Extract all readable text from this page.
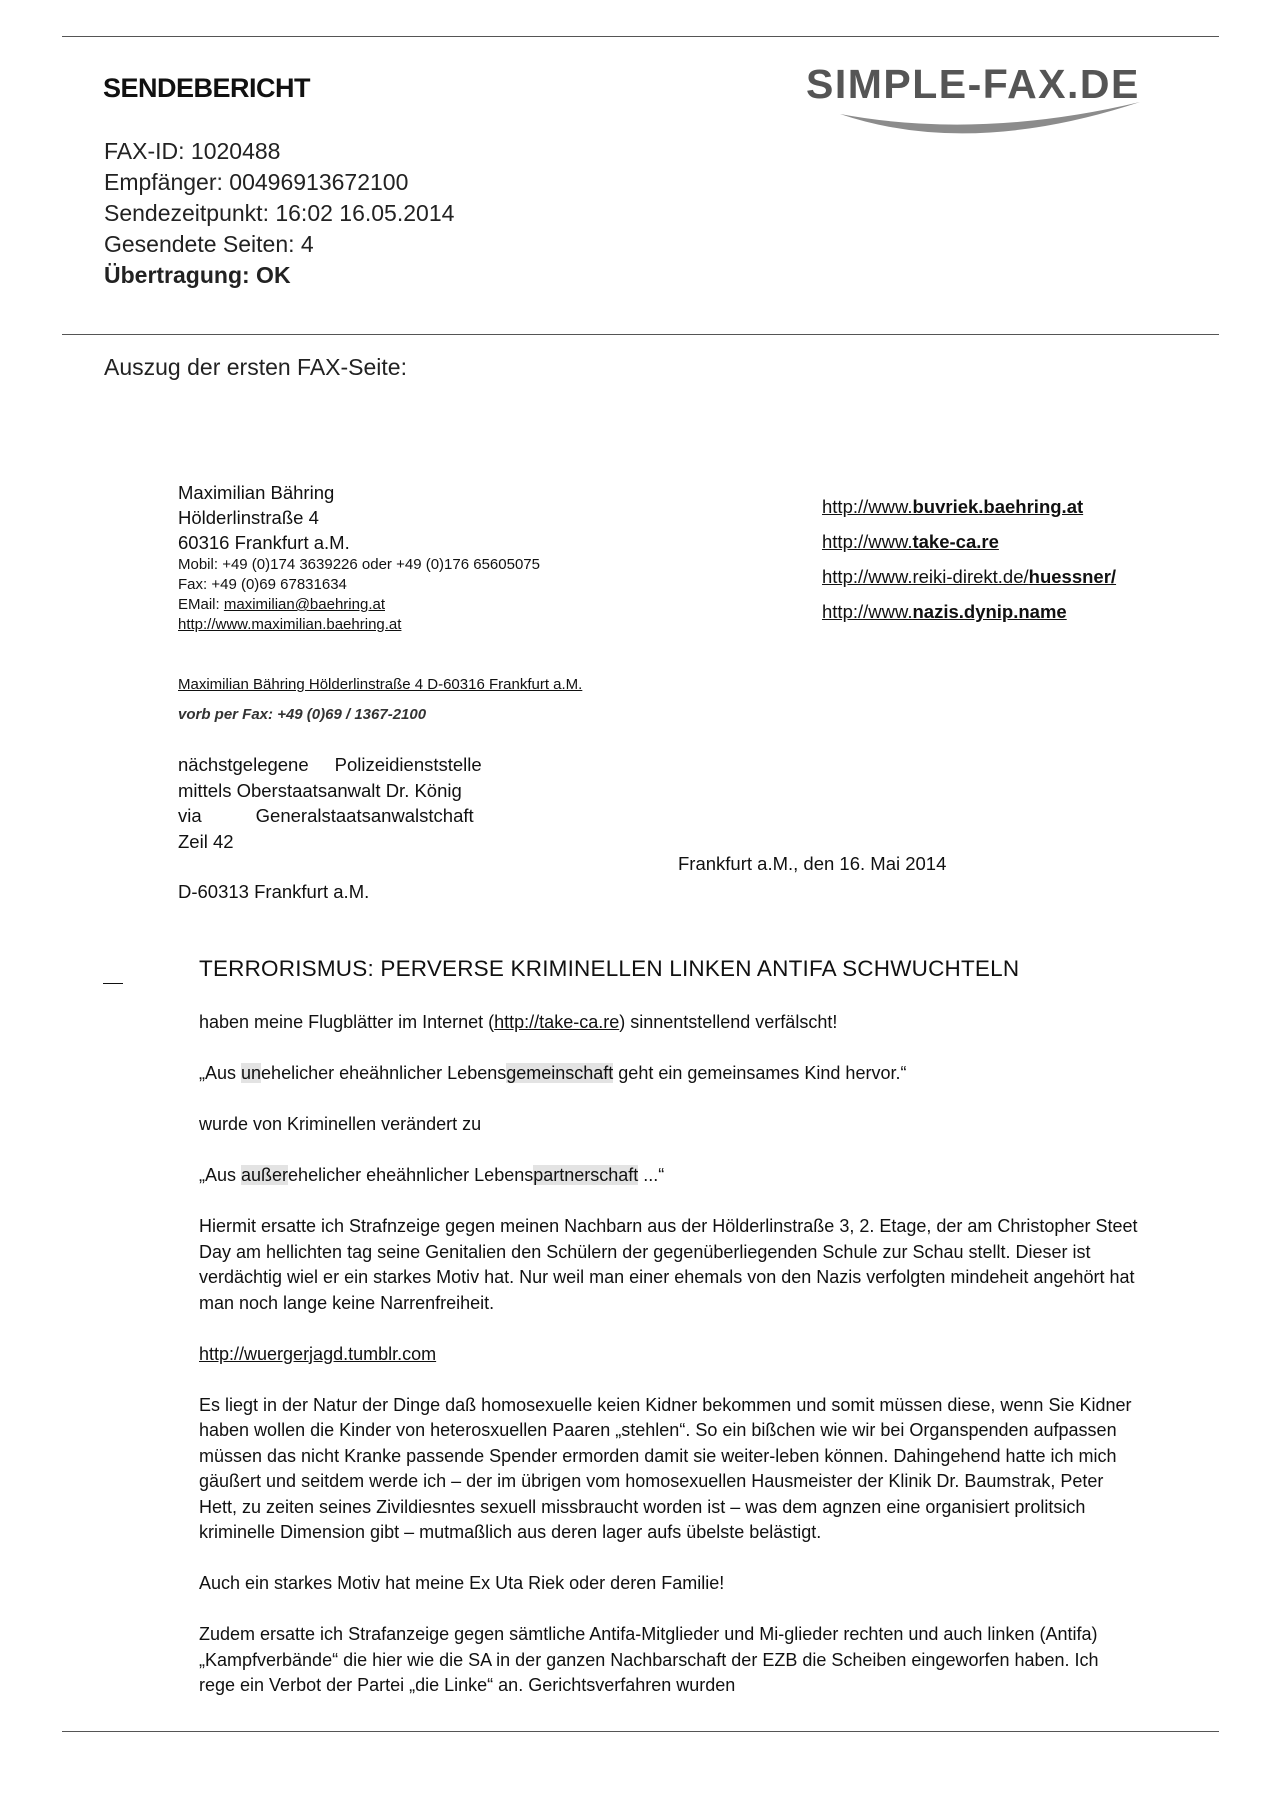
SENDEBERICHT
FAX-ID: 1020488
Empfänger: 00496913672100
Sendezeitpunkt: 16:02 16.05.2014
Gesendete Seiten: 4
Übertragung: OK
SIMPLE-FAX.DE
Auszug der ersten FAX-Seite:
Maximilian Bähring
Hölderlinstraße 4
60316 Frankfurt a.M.
Mobil: +49 (0)174 3639226 oder +49 (0)176 65605075
Fax: +49 (0)69 67831634
EMail: maximilian@baehring.at
http://www.maximilian.baehring.at
http://www.buvriek.baehring.at
http://www.take-ca.re
http://www.reiki-direkt.de/huessner/
http://www.nazis.dynip.name
Maximilian Bähring Hölderlinstraße 4 D-60316 Frankfurt a.M.
vorb per Fax: +49 (0)69 / 1367-2100
nächstgelegene Polizeidienststelle
mittels Oberstaatsanwalt Dr. König
via	Generalstaatsanwalstchaft
Zeil 42
D-60313 Frankfurt a.M.
Frankfurt a.M., den 16. Mai 2014
TERRORISMUS: PERVERSE KRIMINELLEN LINKEN ANTIFA SCHWUCHTELN

haben meine Flugblätter im Internet (http://take-ca.re) sinnentstellend verfälscht!

„Aus unehelicher eheähnlicher Lebensgemeinschaft geht ein gemeinsames Kind hervor.“

wurde von Kriminellen verändert zu

„Aus außerehelicher eheähnlicher Lebenspartnerschaft ...“

Hiermit ersatte ich Strafnzeige gegen meinen Nachbarn aus der Hölderlinstraße 3, 2. Etage, der am Christopher Steet Day am hellichten tag seine Genitalien den Schülern der gegenüberliegenden Schule zur Schau stellt. Dieser ist verdächtig wiel er ein starkes Motiv hat. Nur weil man einer ehemals von den Nazis verfolgten mindeheit angehört hat man noch lange keine Narrenfreiheit.

http://wuergerjagd.tumblr.com

Es liegt in der Natur der Dinge daß homosexuelle keien Kidner bekommen und somit müssen diese, wenn Sie Kidner haben wollen die Kinder von heterosxuellen Paaren „stehlen“. So ein bißchen wie wir bei Organspenden aufpassen müssen das nicht Kranke passende Spender ermorden damit sie weiter-leben können. Dahingehend hatte ich mich gäußert und seitdem werde ich – der im übrigen vom homosexuellen Hausmeister der Klinik Dr. Baumstrak, Peter Hett, zu zeiten seines Zivildiesntes sexuell missbraucht worden ist – was dem agnzen eine organisiert prolitsich kriminelle Dimension gibt – mutmaßlich aus deren lager aufs übelste belästigt.

Auch ein starkes Motiv hat meine Ex Uta Riek oder deren Familie!

Zudem ersatte ich Strafanzeige gegen sämtliche Antifa-Mitglieder und Mi-glieder rechten und auch linken (Antifa) „Kampfverbände“ die hier wie die SA in der ganzen Nachbarschaft der EZB die Scheiben eingeworfen haben. Ich rege ein Verbot der Partei „die Linke“ an. Gerichtsverfahren wurden
